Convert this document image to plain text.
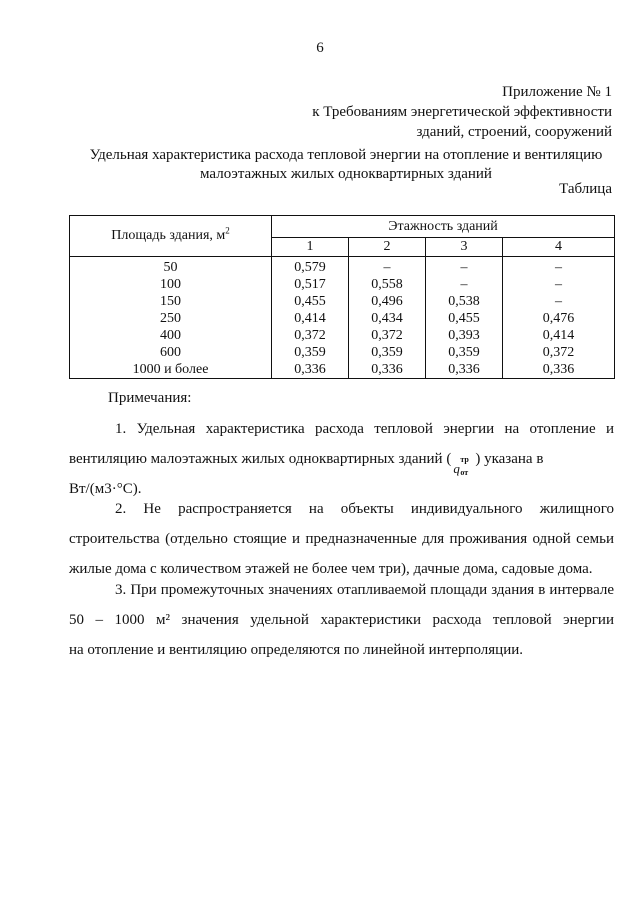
6
Приложение № 1
к Требованиям энергетической эффективности
зданий, строений, сооружений
Удельная характеристика расхода тепловой энергии на отопление и вентиляцию
малоэтажных жилых одноквартирных зданий
Таблица
Площадь здания, $м^2$	Этажность зданий			
	1	2	3	4
50	0,579	–	–	–
100	0,517	0,558	–	–
150	0,455	0,496	0,538	–
250	0,414	0,434	0,455	0,476
400	0,372	0,372	0,393	0,414
600	0,359	0,359	0,359	0,372
1000 и более	0,336	0,336	0,336	0,336
Примечания:
1. Удельная характеристика расхода тепловой энергии на отопление и
вентиляцию малоэтажных жилых одноквартирных зданий (
q
тр
от
) указана в Вт/(м3·°С).
2. Не распространяется на объекты индивидуального жилищного
строительства (отдельно стоящие и предназначенные для проживания одной семьи
жилые дома с количеством этажей не более чем три), дачные дома, садовые дома.
3. При промежуточных значениях отапливаемой площади здания в интервале
50 – 1000 м² значения удельной характеристики расхода тепловой энергии
на отопление и вентиляцию определяются по линейной интерполяции.
